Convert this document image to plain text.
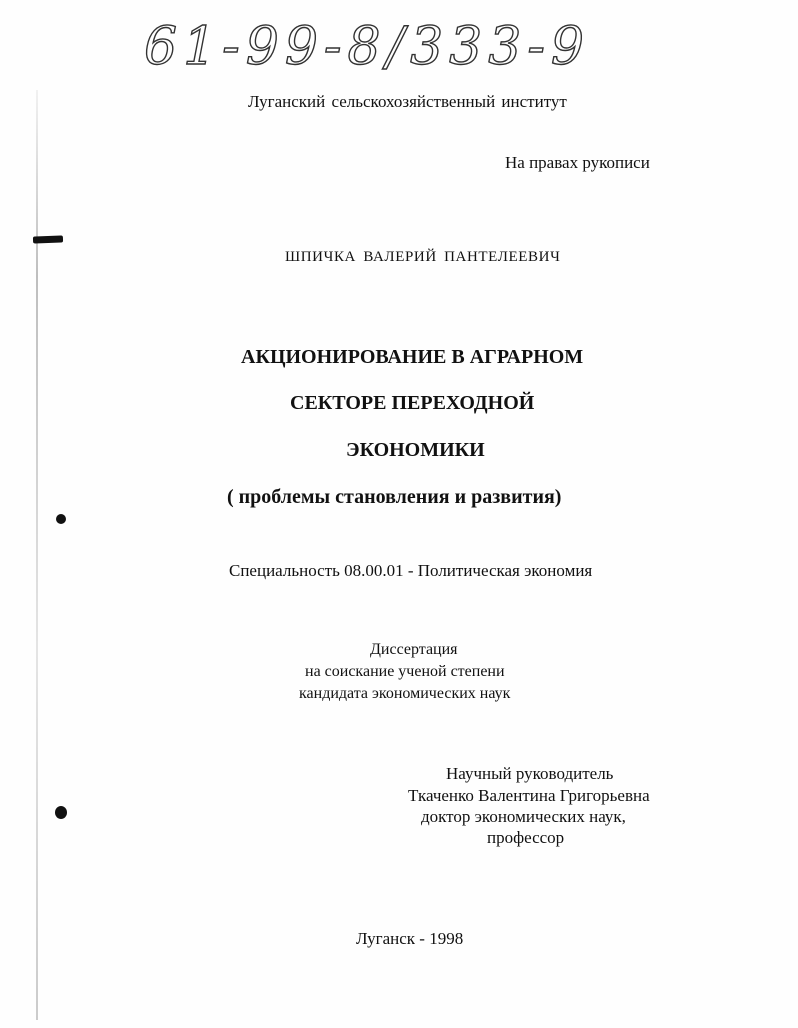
61-99-8/333-9

Луганский сельскохозяйственный институт

На правах рукописи

ШПИЧКА ВАЛЕРИЙ ПАНТЕЛЕЕВИЧ

АКЦИОНИРОВАНИЕ В АГРАРНОМ

СЕКТОРЕ ПЕРЕХОДНОЙ

ЭКОНОМИКИ

( проблемы становления и развития)

Специальность 08.00.01 - Политическая экономия

Диссертация

на соискание ученой степени

кандидата экономических наук

Научный руководитель

Ткаченко Валентина Григорьевна

доктор экономических наук,

профессор

Луганск - 1998
